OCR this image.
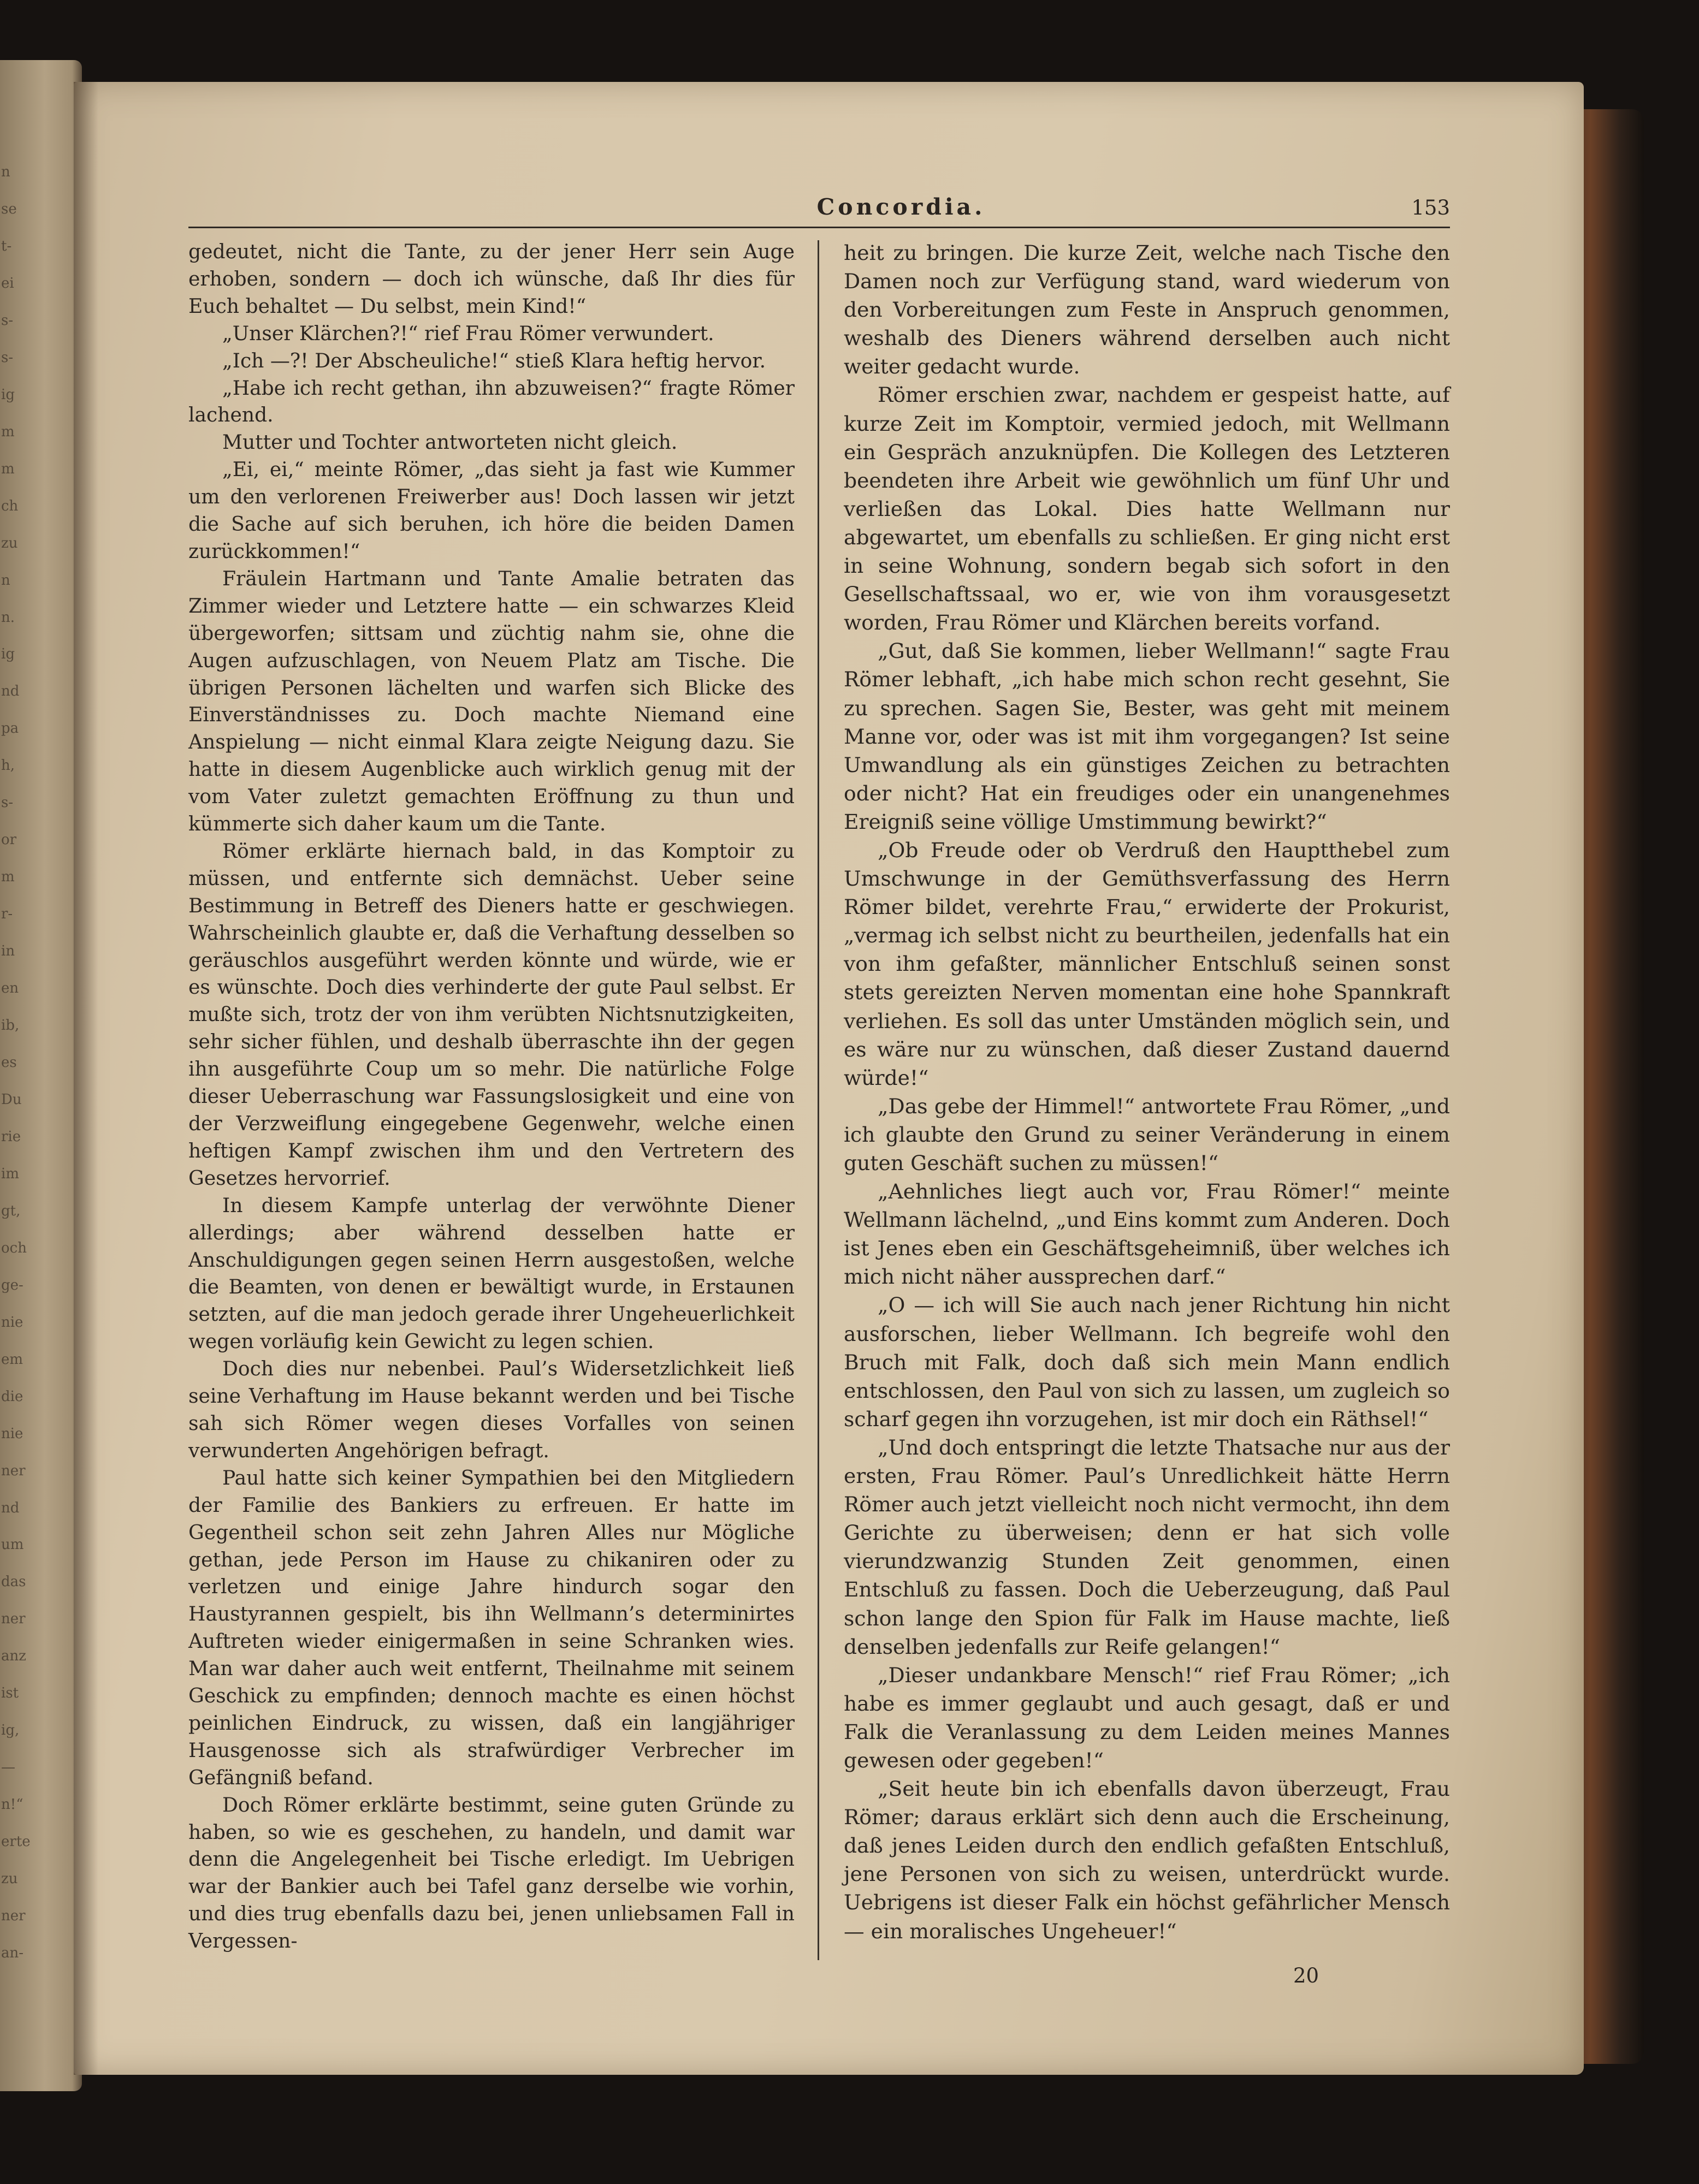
n
se
t-
ei
s-
s-
ig
m
m
ch
zu
n
n.
ig
nd
pa
h,
s-
or
m
r-
in
en
ib,
es
Du
rie
im
gt,
och
ge-
nie
em
die
nie
ner
nd
um
das
ner
anz
ist
ig,
—
n!“
erte
zu
ner
an-
Concordia.	153

gedeutet, nicht die Tante, zu der jener Herr sein Auge erhoben, sondern — doch ich wünsche, daß Ihr dies für Euch behaltet — Du selbst, mein Kind!“

„Unser Klärchen?!“ rief Frau Römer verwundert.

„Ich —?! Der Abscheuliche!“ stieß Klara heftig hervor.

„Habe ich recht gethan, ihn abzuweisen?“ fragte Römer lachend.

Mutter und Tochter antworteten nicht gleich.

„Ei, ei,“ meinte Römer, „das sieht ja fast wie Kummer um den verlorenen Freiwerber aus! Doch lassen wir jetzt die Sache auf sich beruhen, ich höre die beiden Damen zurückkommen!“

Fräulein Hartmann und Tante Amalie betraten das Zimmer wieder und Letztere hatte — ein schwarzes Kleid übergeworfen; sittsam und züchtig nahm sie, ohne die Augen aufzuschlagen, von Neuem Platz am Tische. Die übrigen Personen lächelten und warfen sich Blicke des Einverständnisses zu. Doch machte Niemand eine Anspielung — nicht einmal Klara zeigte Neigung dazu. Sie hatte in diesem Augenblicke auch wirklich genug mit der vom Vater zuletzt gemachten Eröffnung zu thun und kümmerte sich daher kaum um die Tante.

Römer erklärte hiernach bald, in das Komptoir zu müssen, und entfernte sich demnächst. Ueber seine Bestimmung in Betreff des Dieners hatte er geschwiegen. Wahrscheinlich glaubte er, daß die Verhaftung desselben so geräuschlos ausgeführt werden könnte und würde, wie er es wünschte. Doch dies verhinderte der gute Paul selbst. Er mußte sich, trotz der von ihm verübten Nichtsnutzigkeiten, sehr sicher fühlen, und deshalb überraschte ihn der gegen ihn ausgeführte Coup um so mehr. Die natürliche Folge dieser Ueberraschung war Fassungslosigkeit und eine von der Verzweiflung eingegebene Gegenwehr, welche einen heftigen Kampf zwischen ihm und den Vertretern des Gesetzes hervorrief.

In diesem Kampfe unterlag der verwöhnte Diener allerdings; aber während desselben hatte er Anschuldigungen gegen seinen Herrn ausgestoßen, welche die Beamten, von denen er bewältigt wurde, in Erstaunen setzten, auf die man jedoch gerade ihrer Ungeheuerlichkeit wegen vorläufig kein Gewicht zu legen schien.

Doch dies nur nebenbei. Paul’s Widersetzlichkeit ließ seine Verhaftung im Hause bekannt werden und bei Tische sah sich Römer wegen dieses Vorfalles von seinen verwunderten Angehörigen befragt.

Paul hatte sich keiner Sympathien bei den Mitgliedern der Familie des Bankiers zu erfreuen. Er hatte im Gegentheil schon seit zehn Jahren Alles nur Mögliche gethan, jede Person im Hause zu chikaniren oder zu verletzen und einige Jahre hindurch sogar den Haustyrannen gespielt, bis ihn Wellmann’s determinirtes Auftreten wieder einigermaßen in seine Schranken wies. Man war daher auch weit entfernt, Theilnahme mit seinem Geschick zu empfinden; dennoch machte es einen höchst peinlichen Eindruck, zu wissen, daß ein langjähriger Hausgenosse sich als strafwürdiger Verbrecher im Gefängniß befand.

Doch Römer erklärte bestimmt, seine guten Gründe zu haben, so wie es geschehen, zu handeln, und damit war denn die Angelegenheit bei Tische erledigt. Im Uebrigen war der Bankier auch bei Tafel ganz derselbe wie vorhin, und dies trug ebenfalls dazu bei, jenen unliebsamen Fall in Vergessen-

heit zu bringen. Die kurze Zeit, welche nach Tische den Damen noch zur Verfügung stand, ward wiederum von den Vorbereitungen zum Feste in Anspruch genommen, weshalb des Dieners während derselben auch nicht weiter gedacht wurde.

Römer erschien zwar, nachdem er gespeist hatte, auf kurze Zeit im Komptoir, vermied jedoch, mit Wellmann ein Gespräch anzuknüpfen. Die Kollegen des Letzteren beendeten ihre Arbeit wie gewöhnlich um fünf Uhr und verließen das Lokal. Dies hatte Wellmann nur abgewartet, um ebenfalls zu schließen. Er ging nicht erst in seine Wohnung, sondern begab sich sofort in den Gesellschaftssaal, wo er, wie von ihm vorausgesetzt worden, Frau Römer und Klärchen bereits vorfand.

„Gut, daß Sie kommen, lieber Wellmann!“ sagte Frau Römer lebhaft, „ich habe mich schon recht gesehnt, Sie zu sprechen. Sagen Sie, Bester, was geht mit meinem Manne vor, oder was ist mit ihm vorgegangen? Ist seine Umwandlung als ein günstiges Zeichen zu betrachten oder nicht? Hat ein freudiges oder ein unangenehmes Ereigniß seine völlige Umstimmung bewirkt?“

„Ob Freude oder ob Verdruß den Hauptthebel zum Umschwunge in der Gemüthsverfassung des Herrn Römer bildet, verehrte Frau,“ erwiderte der Prokurist, „vermag ich selbst nicht zu beurtheilen, jedenfalls hat ein von ihm gefaßter, männlicher Entschluß seinen sonst stets gereizten Nerven momentan eine hohe Spannkraft verliehen. Es soll das unter Umständen möglich sein, und es wäre nur zu wünschen, daß dieser Zustand dauernd würde!“

„Das gebe der Himmel!“ antwortete Frau Römer, „und ich glaubte den Grund zu seiner Veränderung in einem guten Geschäft suchen zu müssen!“

„Aehnliches liegt auch vor, Frau Römer!“ meinte Wellmann lächelnd, „und Eins kommt zum Anderen. Doch ist Jenes eben ein Geschäftsgeheimniß, über welches ich mich nicht näher aussprechen darf.“

„O — ich will Sie auch nach jener Richtung hin nicht ausforschen, lieber Wellmann. Ich begreife wohl den Bruch mit Falk, doch daß sich mein Mann endlich entschlossen, den Paul von sich zu lassen, um zugleich so scharf gegen ihn vorzugehen, ist mir doch ein Räthsel!“

„Und doch entspringt die letzte Thatsache nur aus der ersten, Frau Römer. Paul’s Unredlichkeit hätte Herrn Römer auch jetzt vielleicht noch nicht vermocht, ihn dem Gerichte zu überweisen; denn er hat sich volle vierundzwanzig Stunden Zeit genommen, einen Entschluß zu fassen. Doch die Ueberzeugung, daß Paul schon lange den Spion für Falk im Hause machte, ließ denselben jedenfalls zur Reife gelangen!“

„Dieser undankbare Mensch!“ rief Frau Römer; „ich habe es immer geglaubt und auch gesagt, daß er und Falk die Veranlassung zu dem Leiden meines Mannes gewesen oder gegeben!“

„Seit heute bin ich ebenfalls davon überzeugt, Frau Römer; daraus erklärt sich denn auch die Erscheinung, daß jenes Leiden durch den endlich gefaßten Entschluß, jene Personen von sich zu weisen, unterdrückt wurde. Uebrigens ist dieser Falk ein höchst gefährlicher Mensch — ein moralisches Ungeheuer!“

20
